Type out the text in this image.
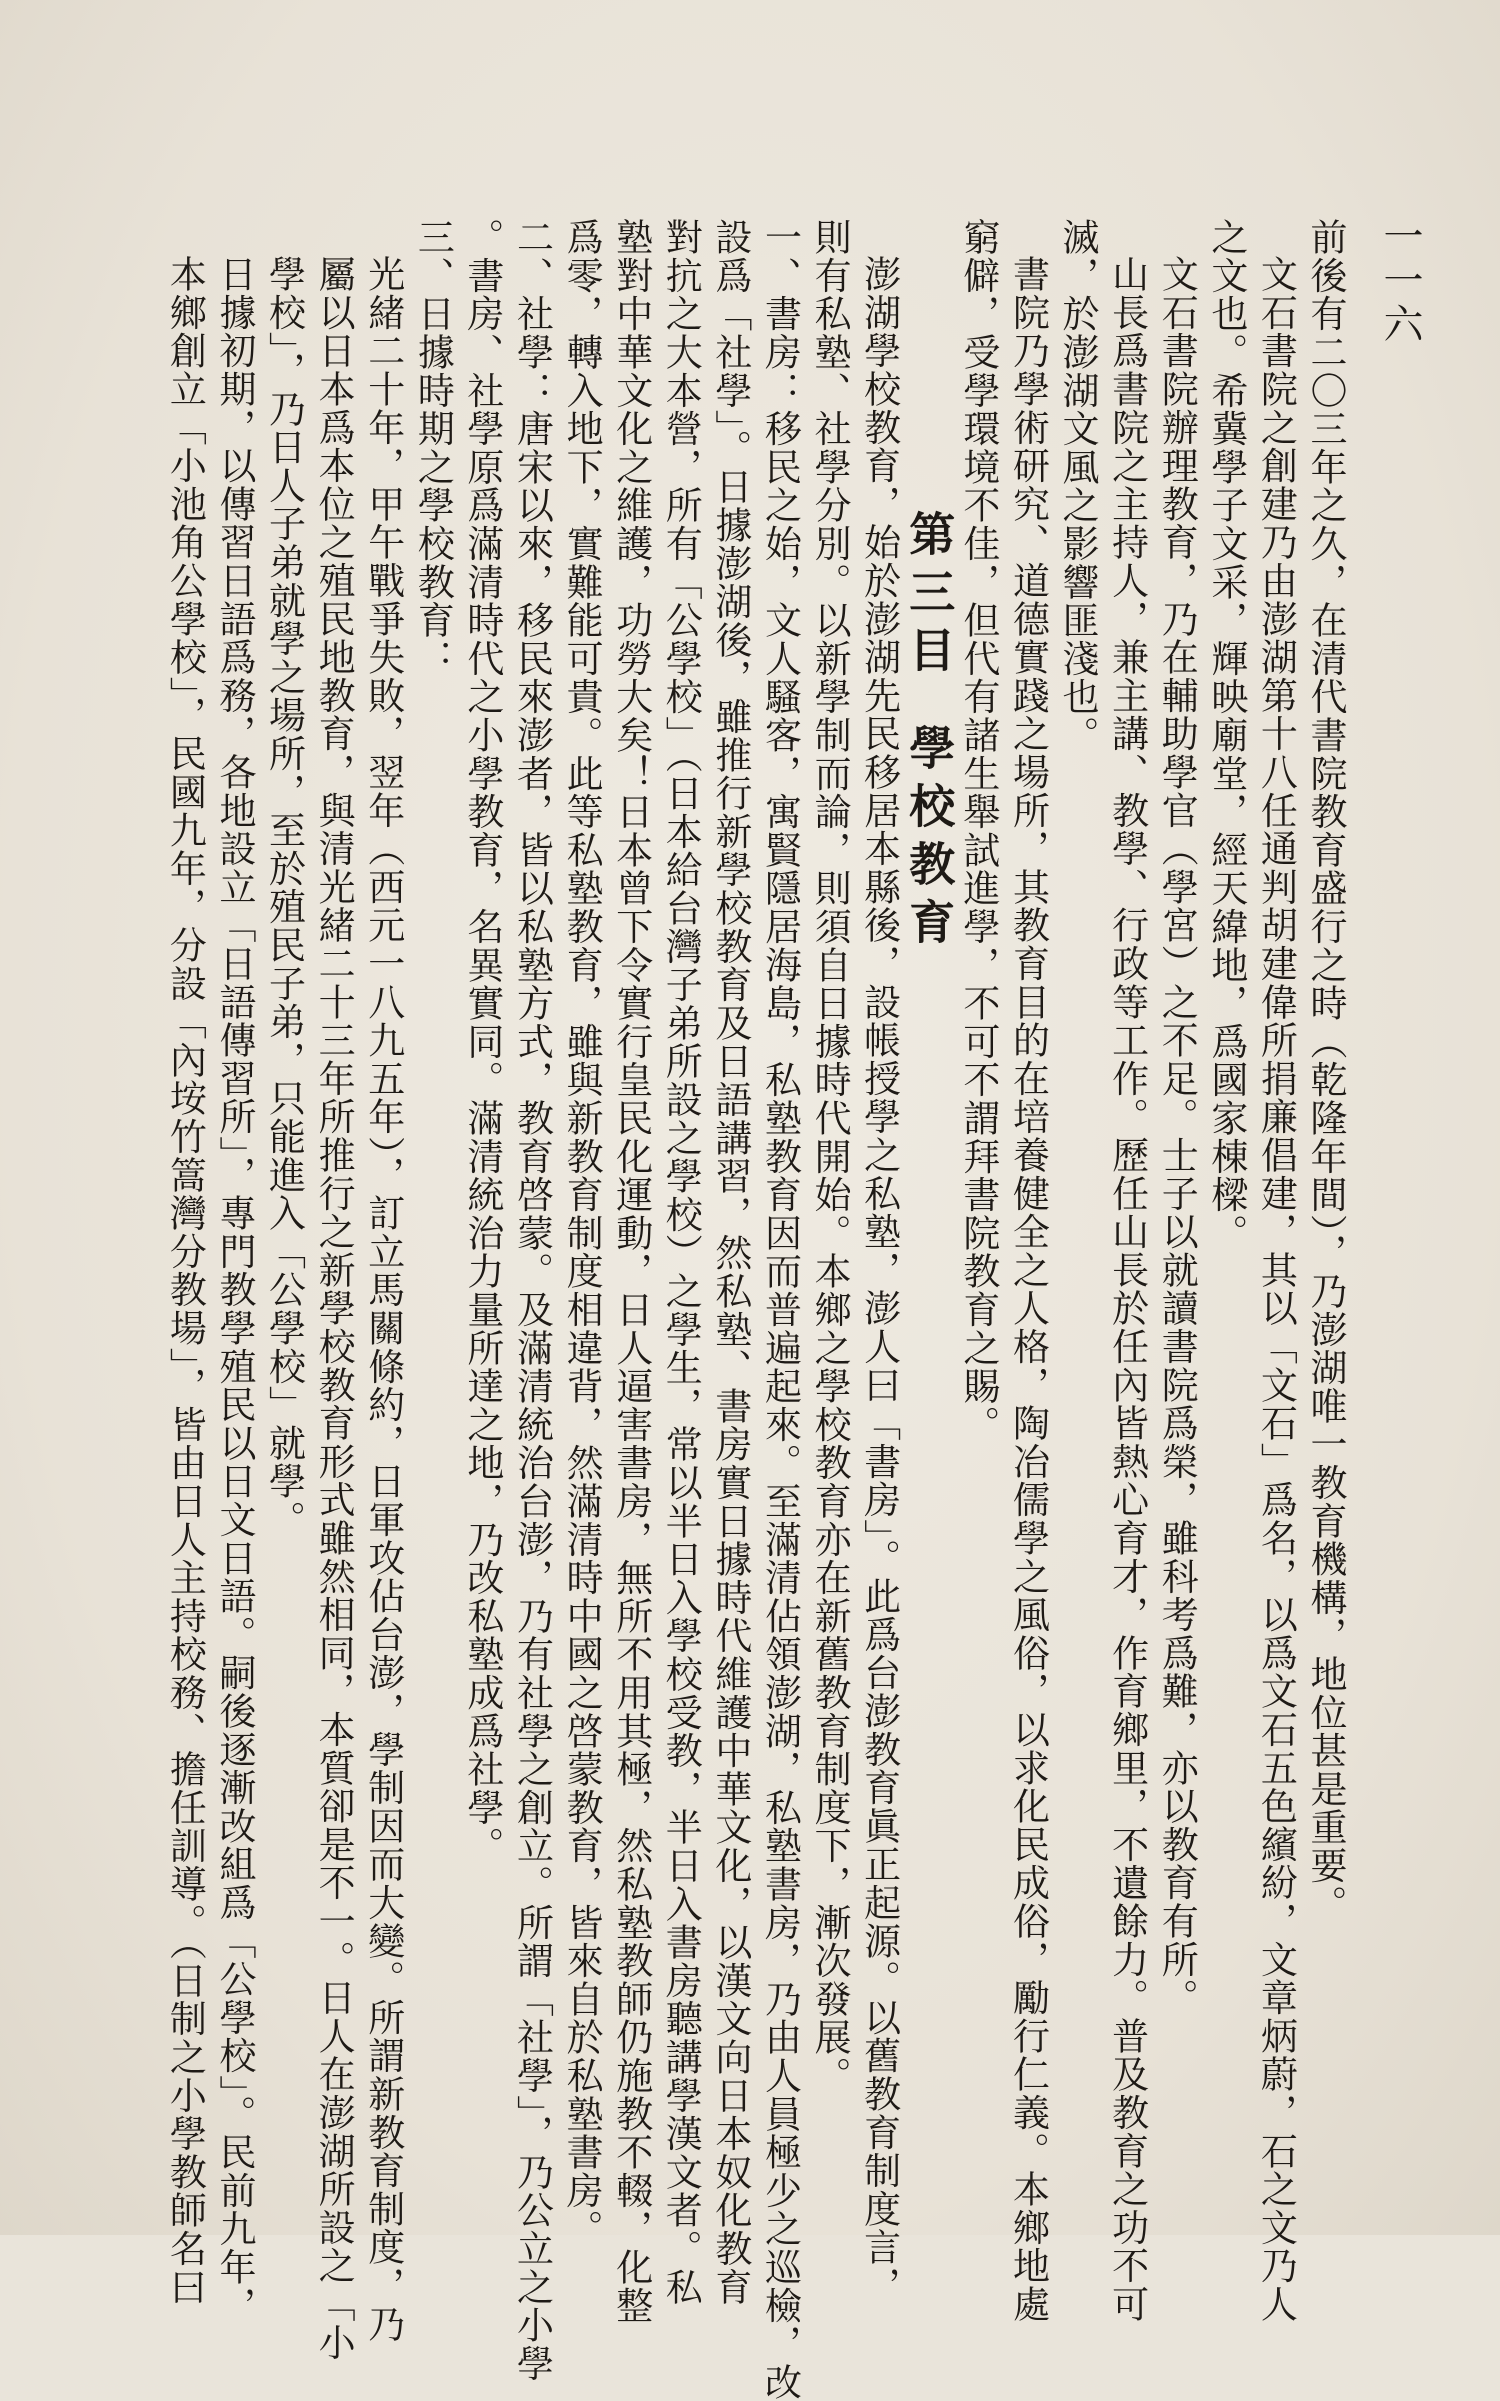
一一六
前後有二〇三年之久，在清代書院教育盛行之時（乾隆年間），乃澎湖唯一教育機構，地位甚是重要。
文石書院之創建乃由澎湖第十八任通判胡建偉所捐廉倡建，其以「文石」爲名，以爲文石五色繽紛，文章炳蔚，石之文乃人
之文也。希冀學子文采，輝映廟堂，經天緯地，爲國家棟樑。
文石書院辦理教育，乃在輔助學官（學宮）之不足。士子以就讀書院爲榮，雖科考爲難，亦以教育有所。
山長爲書院之主持人，兼主講、教學、行政等工作。歷任山長於任內皆熱心育才，作育鄉里，不遺餘力。普及教育之功不可
滅，於澎湖文風之影響匪淺也。
書院乃學術研究、道德實踐之場所，其教育目的在培養健全之人格，陶冶儒學之風俗，以求化民成俗，勵行仁義。本鄉地處
窮僻，受學環境不佳，但代有諸生舉試進學，不可不謂拜書院教育之賜。
第三目學校教育
澎湖學校教育，始於澎湖先民移居本縣後，設帳授學之私塾，澎人曰「書房」。此爲台澎教育眞正起源。以舊教育制度言，
則有私塾、社學分別。以新學制而論，則須自日據時代開始。本鄉之學校教育亦在新舊教育制度下，漸次發展。
一、書房：移民之始，文人騷客，寓賢隱居海島，私塾教育因而普遍起來。至滿清佔領澎湖，私塾書房，乃由人員極少之巡檢，改
設爲「社學」。日據澎湖後，雖推行新學校教育及日語講習，然私塾、書房實日據時代維護中華文化，以漢文向日本奴化教育
對抗之大本營，所有「公學校」（日本給台灣子弟所設之學校）之學生，常以半日入學校受教，半日入書房聽講學漢文者。私
塾對中華文化之維護，功勞大矣！日本曾下令實行皇民化運動，日人逼害書房，無所不用其極，然私塾教師仍施教不輟，化整
爲零，轉入地下，實難能可貴。此等私塾教育，雖與新教育制度相違背，然滿清時中國之啓蒙教育，皆來自於私塾書房。
二、社學：唐宋以來，移民來澎者，皆以私塾方式，教育啓蒙。及滿清統治台澎，乃有社學之創立。所謂「社學」，乃公立之小學
。書房、社學原爲滿清時代之小學教育，名異實同。滿清統治力量所達之地，乃改私塾成爲社學。
三、日據時期之學校教育：
光緒二十年，甲午戰爭失敗，翌年（西元一八九五年），訂立馬關條約，日軍攻佔台澎，學制因而大變。所謂新教育制度，乃
屬以日本爲本位之殖民地教育，與清光緒二十三年所推行之新學校教育形式雖然相同，本質卻是不一。日人在澎湖所設之「小
學校」，乃日人子弟就學之場所，至於殖民子弟，只能進入「公學校」就學。
日據初期，以傳習日語爲務，各地設立「日語傳習所」，專門教學殖民以日文日語。嗣後逐漸改組爲「公學校」。民前九年，
本鄉創立「小池角公學校」，民國九年，分設「內垵竹篙灣分教場」，皆由日人主持校務、擔任訓導。（日制之小學教師名曰
